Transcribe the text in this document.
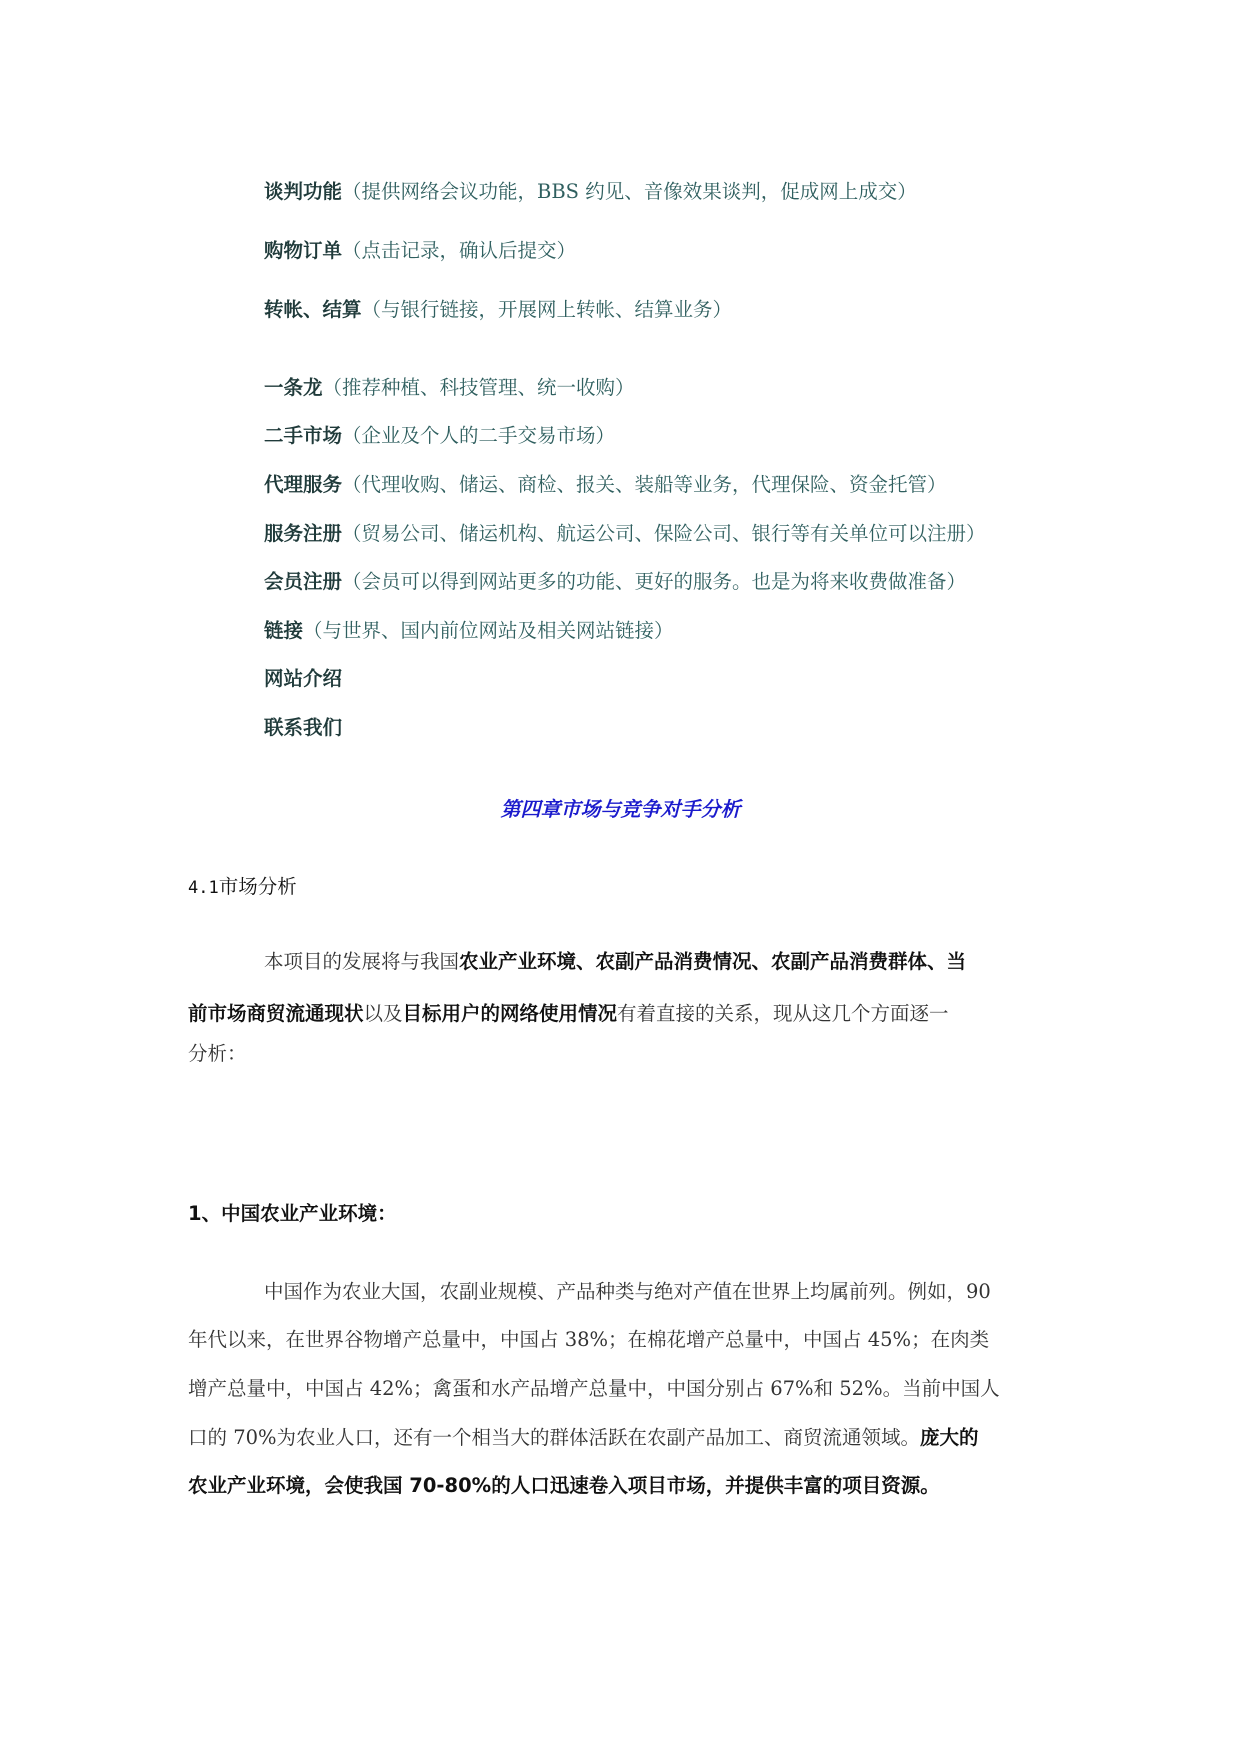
谈判功能（提供网络会议功能，BBS 约见、音像效果谈判，促成网上成交）
购物订单（点击记录，确认后提交）
转帐、结算（与银行链接，开展网上转帐、结算业务）
一条龙（推荐种植、科技管理、统一收购）
二手市场（企业及个人的二手交易市场）
代理服务（代理收购、储运、商检、报关、装船等业务，代理保险、资金托管）
服务注册（贸易公司、储运机构、航运公司、保险公司、银行等有关单位可以注册）
会员注册（会员可以得到网站更多的功能、更好的服务。也是为将来收费做准备）
链接（与世界、国内前位网站及相关网站链接）
网站介绍
联系我们
第四章市场与竞争对手分析
4.1市场分析
本项目的发展将与我国农业产业环境、农副产品消费情况、农副产品消费群体、当
前市场商贸流通现状以及目标用户的网络使用情况有着直接的关系，现从这几个方面逐一
分析：
1、中国农业产业环境：
中国作为农业大国，农副业规模、产品种类与绝对产值在世界上均属前列。例如，90
年代以来，在世界谷物增产总量中，中国占 38%；在棉花增产总量中，中国占 45%；在肉类
增产总量中，中国占 42%；禽蛋和水产品增产总量中，中国分别占 67%和 52%。当前中国人
口的 70%为农业人口，还有一个相当大的群体活跃在农副产品加工、商贸流通领域。庞大的
农业产业环境，会使我国 70-80%的人口迅速卷入项目市场，并提供丰富的项目资源。
